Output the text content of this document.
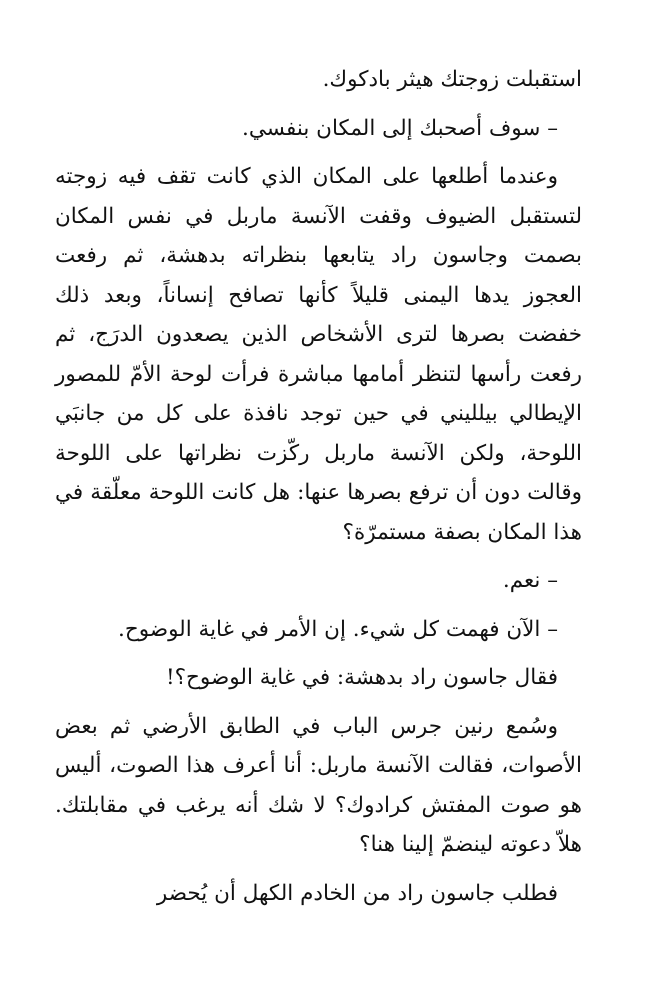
استقبلت زوجتك هيثر بادكوك.

– سوف أصحبك إلى المكان بنفسي.

وعندما أطلعها على المكان الذي كانت تقف فيه زوجته لتستقبل الضيوف وقفت الآنسة ماربل في نفس المكان بصمت وجاسون راد يتابعها بنظراته بدهشة، ثم رفعت العجوز يدها اليمنى قليلاً كأنها تصافح إنساناً، وبعد ذلك خفضت بصرها لترى الأشخاص الذين يصعدون الدرَج، ثم رفعت رأسها لتنظر أمامها مباشرة فرأت لوحة الأمّ للمصور الإيطالي بيلليني في حين توجد نافذة على كل من جانبَي اللوحة، ولكن الآنسة ماربل ركّزت نظراتها على اللوحة وقالت دون أن ترفع بصرها عنها: هل كانت اللوحة معلّقة في هذا المكان بصفة مستمرّة؟

– نعم.

– الآن فهمت كل شيء. إن الأمر في غاية الوضوح.

فقال جاسون راد بدهشة: في غاية الوضوح؟!

وسُمع رنين جرس الباب في الطابق الأرضي ثم بعض الأصوات، فقالت الآنسة ماربل: أنا أعرف هذا الصوت، أليس هو صوت المفتش كرادوك؟ لا شك أنه يرغب في مقابلتك. هلاّ دعوته لينضمّ إلينا هنا؟

فطلب جاسون راد من الخادم الكهل أن يُحضر
